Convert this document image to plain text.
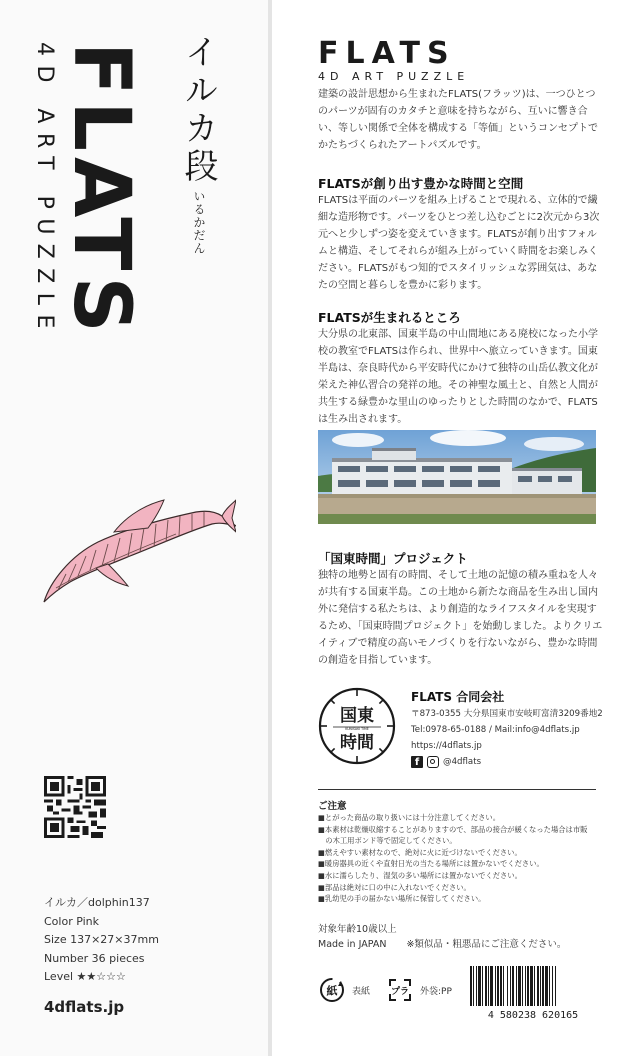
FLATS
4D ART PUZZLE	イルカ段
いるかだん
イルカ／dolphin137
Color Pink
Size 137×27×37mm
Number 36 pieces
Level ★★☆☆☆
4dflats.jp
FLATS
4D ART PUZZLE
建築の設計思想から生まれたFLATS(フラッツ)は、一つひとつのパーツが固有のカタチと意味を持ちながら、互いに響き合い、等しい関係で全体を構成する「等価」というコンセプトでかたちづくられたアートパズルです。
FLATSが創り出す豊かな時間と空間
FLATSは平面のパーツを組み上げることで現れる、立体的で繊細な造形物です。パーツをひとつ差し込むごとに2次元から3次元へと少しずつ姿を変えていきます。FLATSが創り出すフォルムと構造、そしてそれらが組み上がっていく時間をお楽しみください。FLATSがもつ知的でスタイリッシュな雰囲気は、あなたの空間と暮らしを豊かに彩ります。
FLATSが生まれるところ
大分県の北東部、国東半島の中山間地にある廃校になった小学校の教室でFLATSは作られ、世界中へ旅立っていきます。国東半島は、奈良時代から平安時代にかけて独特の山岳仏教文化が栄えた神仏習合の発祥の地。その神聖な風土と、自然と人間が共生する緑豊かな里山のゆったりとした時間のなかで、FLATSは生み出されます。
「国東時間」プロジェクト
独特の地勢と固有の時間、そして土地の記憶の積み重ねを人々が共有する国東半島。この土地から新たな商品を生み出し国内外に発信する私たちは、より創造的なライフスタイルを実現するため、「国東時間プロジェクト」を始動しました。よりクリエイティブで精度の高いモノづくりを行ないながら、豊かな時間の創造を目指しています。
国東
KUNISAKI TIME
時間
FLATS 合同会社
〒873-0355 大分県国東市安岐町富清3209番地2
Tel:0978-65-0188 / Mail:info@4dflats.jp
https://4dflats.jp
f	@4dflats
ご注意
■とがった商品の取り扱いには十分注意してください。
■本素材は乾燥収縮することがありますので、部品の接合が緩くなった場合は市販
　の木工用ボンド等で固定してください。
■燃えやすい素材なので、絶対に火に近づけないでください。
■暖房器具の近くや直射日光の当たる場所には置かないでください。
■水に濡らしたり、湿気の多い場所には置かないでください。
■部品は絶対に口の中に入れないでください。
■乳幼児の手の届かない場所に保管してください。
対象年齢10歳以上
Made in JAPAN ※類似品・粗悪品にご注意ください。
紙 表紙 プラ 外袋:PP
4 580238 620165
